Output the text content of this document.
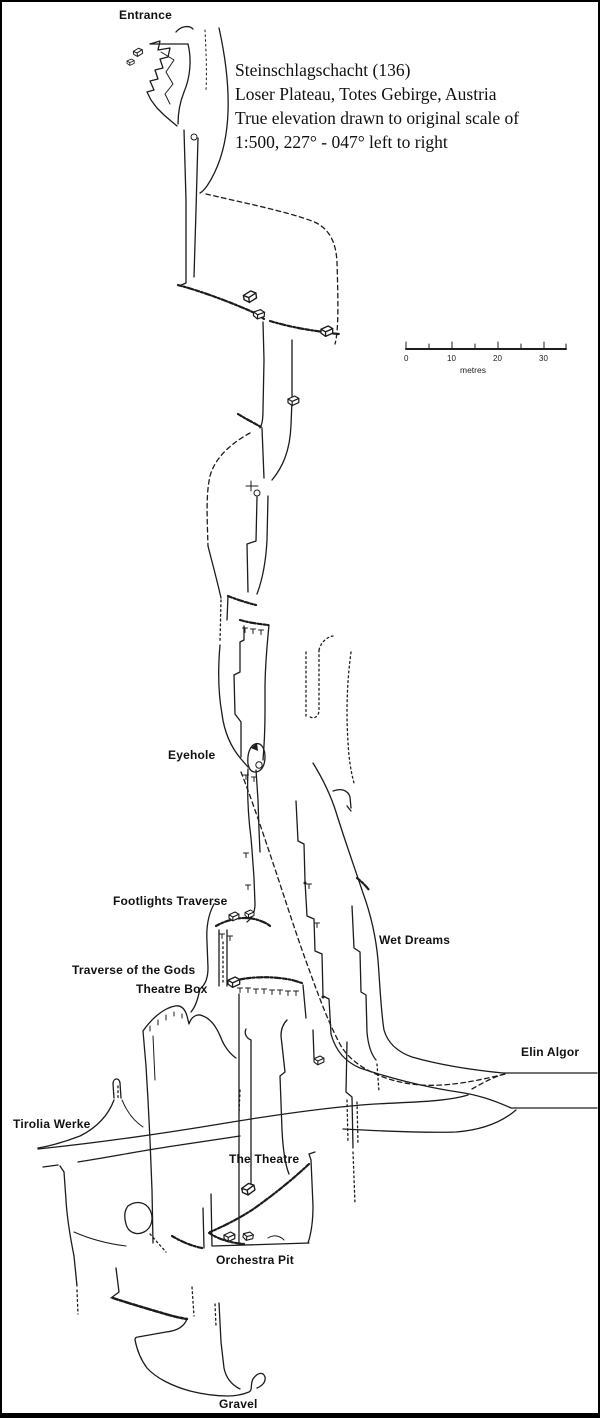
Steinschlagschacht (136)
Loser Plateau, Totes Gebirge, Austria
True elevation drawn to original scale of
1:500, 227° - 047° left to right
0	10	20	30
metres
Entrance
Eyehole
Footlights Traverse
Traverse of the Gods
Theatre Box
Wet Dreams
Elin Algor
Tirolia Werke
The Theatre
Orchestra Pit
Gravel
